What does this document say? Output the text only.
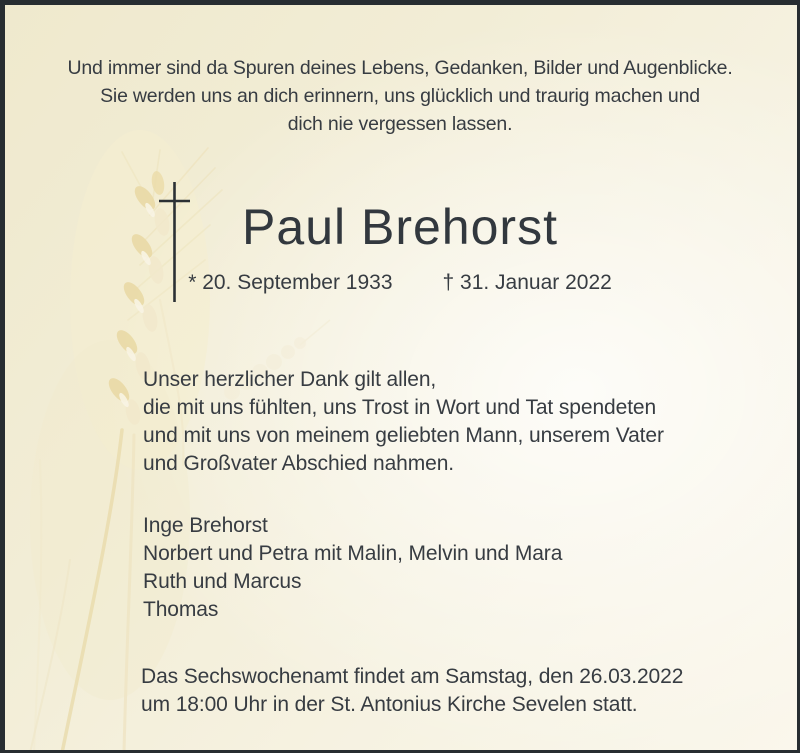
Und immer sind da Spuren deines Lebens, Gedanken, Bilder und Augenblicke.
Sie werden uns an dich erinnern, uns glücklich und traurig machen und
dich nie vergessen lassen.
Paul Brehorst
* 20. September 1933 † 31. Januar 2022
Unser herzlicher Dank gilt allen,
die mit uns fühlten, uns Trost in Wort und Tat spendeten
und mit uns von meinem geliebten Mann, unserem Vater
und Großvater Abschied nahmen.
Inge Brehorst
Norbert und Petra mit Malin, Melvin und Mara
Ruth und Marcus
Thomas
Das Sechswochenamt findet am Samstag, den 26.03.2022
um 18:00 Uhr in der St. Antonius Kirche Sevelen statt.
